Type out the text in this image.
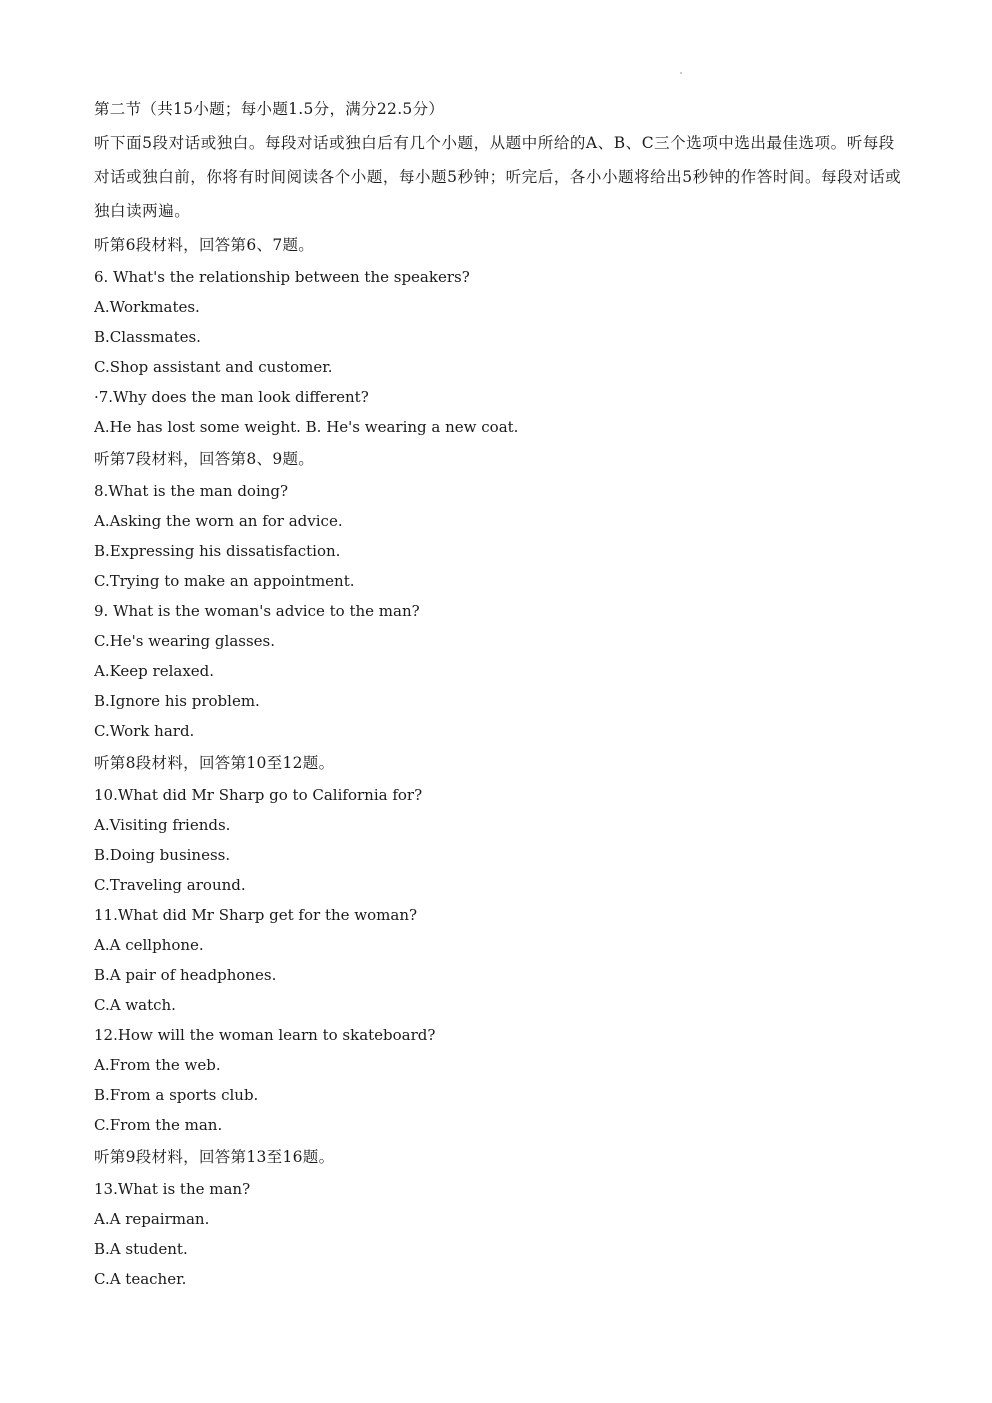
第二节（共15小题；每小题1.5分，满分22.5分）
听下面5段对话或独白。每段对话或独白后有几个小题，从题中所给的A、B、C三个选项中选出最佳选项。听每段对话或独白前，你将有时间阅读各个小题，每小题5秒钟；听完后，各小小题将给出5秒钟的作答时间。每段对话或独白读两遍。
听第6段材料，回答第6、7题。
6. What's the relationship between the speakers?
A.Workmates.
B.Classmates.
C.Shop assistant and customer.
·7.Why does the man look different?
A.He has lost some weight. B. He's wearing a new coat.
听第7段材料，回答第8、9题。
8.What is the man doing?
A.Asking the worn an for advice.
B.Expressing his dissatisfaction.
C.Trying to make an appointment.
9. What is the woman's advice to the man?
C.He's wearing glasses.
A.Keep relaxed.
B.Ignore his problem.
C.Work hard.
听第8段材料，回答第10至12题。
10.What did Mr Sharp go to California for?
A.Visiting friends.
B.Doing business.
C.Traveling around.
11.What did Mr Sharp get for the woman?
A.A cellphone.
B.A pair of headphones.
C.A watch.
12.How will the woman learn to skateboard?
A.From the web.
B.From a sports club.
C.From the man.
听第9段材料，回答第13至16题。
13.What is the man?
A.A repairman.
B.A student.
C.A teacher.
